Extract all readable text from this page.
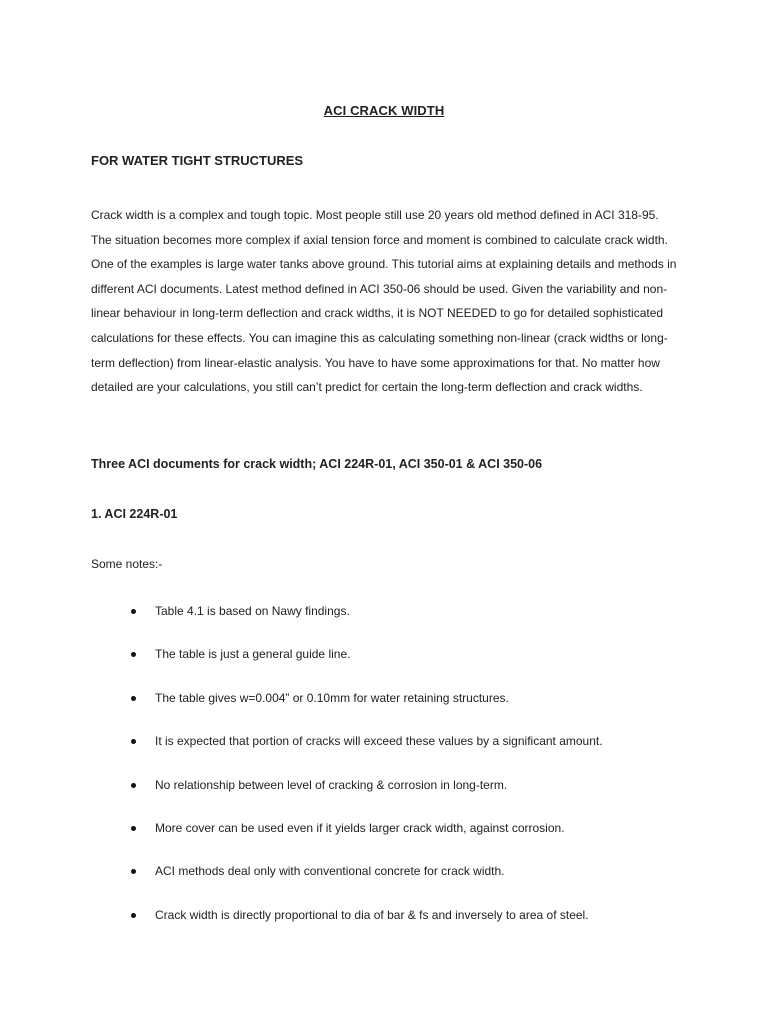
ACI CRACK WIDTH
FOR WATER TIGHT STRUCTURES

Crack width is a complex and tough topic. Most people still use 20 years old method defined in ACI 318-95. The situation becomes more complex if axial tension force and moment is combined to calculate crack width. One of the examples is large water tanks above ground. This tutorial aims at explaining details and methods in different ACI documents. Latest method defined in ACI 350-06 should be used. Given the variability and non-linear behaviour in long-term deflection and crack widths, it is NOT NEEDED to go for detailed sophisticated calculations for these effects. You can imagine this as calculating something non-linear (crack widths or long-term deflection) from linear-elastic analysis. You have to have some approximations for that. No matter how detailed are your calculations, you still can’t predict for certain the long-term deflection and crack widths.

Three ACI documents for crack width; ACI 224R-01, ACI 350-01 & ACI 350-06
1. ACI 224R-01
Some notes:-
Table 4.1 is based on Nawy findings.
The table is just a general guide line.
The table gives w=0.004” or 0.10mm for water retaining structures.
It is expected that portion of cracks will exceed these values by a significant amount.
No relationship between level of cracking & corrosion in long-term.
More cover can be used even if it yields larger crack width, against corrosion.
ACI methods deal only with conventional concrete for crack width.
Crack width is directly proportional to dia of bar & fs and inversely to area of steel.
